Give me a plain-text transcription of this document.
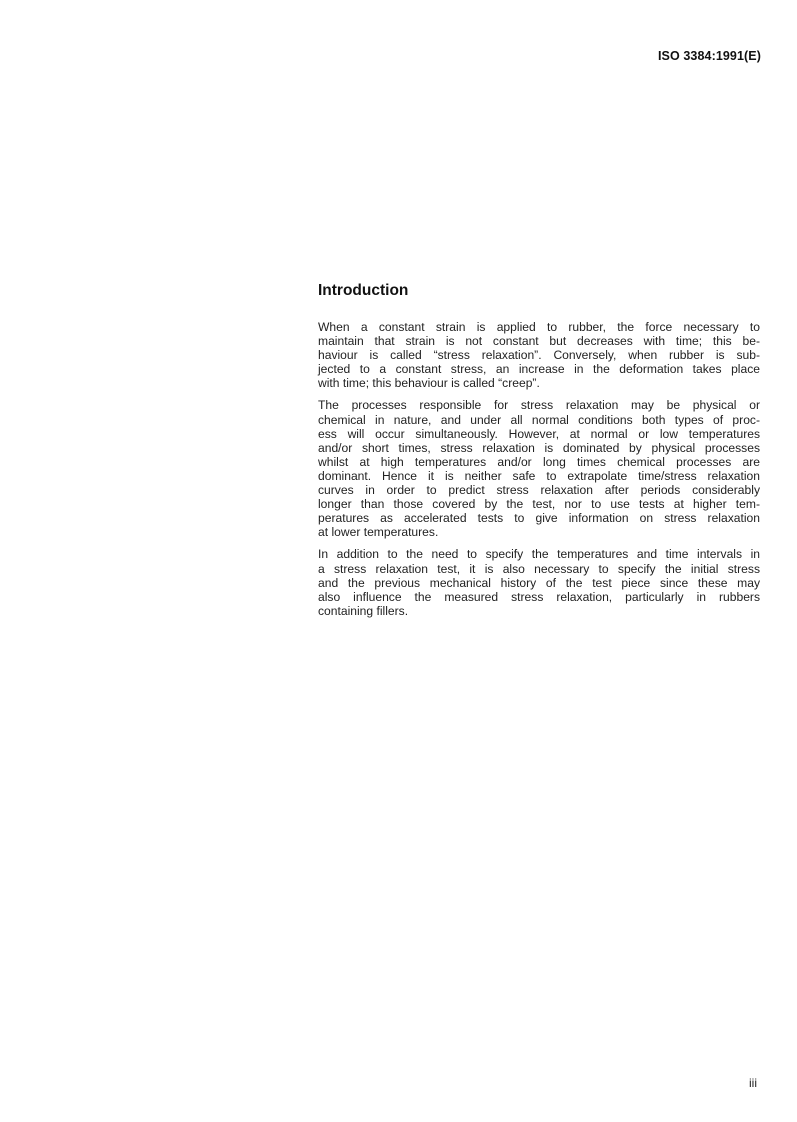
ISO 3384:1991(E)
Introduction

When a constant strain is applied to rubber, the force necessary to
maintain that strain is not constant but decreases with time; this be-
haviour is called “stress relaxation”. Conversely, when rubber is sub-
jected to a constant stress, an increase in the deformation takes place
with time; this behaviour is called “creep”.

The processes responsible for stress relaxation may be physical or
chemical in nature, and under all normal conditions both types of proc-
ess will occur simultaneously. However, at normal or low temperatures
and/or short times, stress relaxation is dominated by physical processes
whilst at high temperatures and/or long times chemical processes are
dominant. Hence it is neither safe to extrapolate time/stress relaxation
curves in order to predict stress relaxation after periods considerably
longer than those covered by the test, nor to use tests at higher tem-
peratures as accelerated tests to give information on stress relaxation
at lower temperatures.

In addition to the need to specify the temperatures and time intervals in
a stress relaxation test, it is also necessary to specify the initial stress
and the previous mechanical history of the test piece since these may
also influence the measured stress relaxation, particularly in rubbers
containing fillers.

iii
